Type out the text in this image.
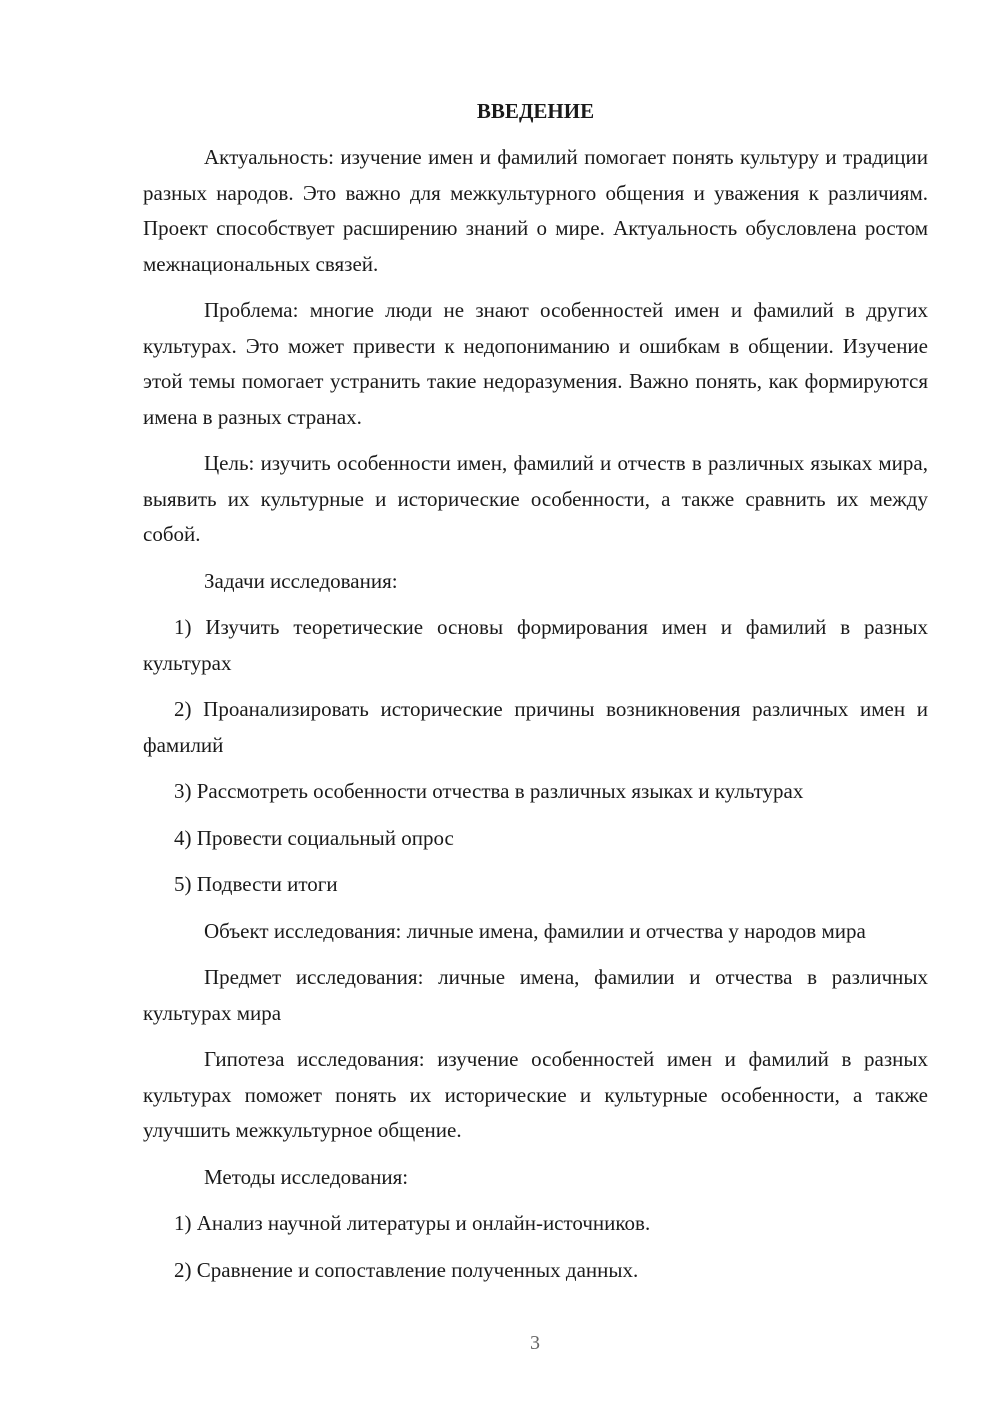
ВВЕДЕНИЕ

Актуальность: изучение имен и фамилий помогает понять культуру и традиции разных народов. Это важно для межкультурного общения и уважения к различиям. Проект способствует расширению знаний о мире. Актуальность обусловлена ростом межнациональных связей.

Проблема: многие люди не знают особенностей имен и фамилий в других культурах. Это может привести к недопониманию и ошибкам в общении. Изучение этой темы помогает устранить такие недоразумения. Важно понять, как формируются имена в разных странах.

Цель: изучить особенности имен, фамилий и отчеств в различных языках мира, выявить их культурные и исторические особенности, а также сравнить их между собой.

Задачи исследования:

1) Изучить теоретические основы формирования имен и фамилий в разных культурах

2) Проанализировать исторические причины возникновения различных имен и фамилий

3) Рассмотреть особенности отчества в различных языках и культурах

4) Провести социальный опрос

5) Подвести итоги

Объект исследования: личные имена, фамилии и отчества у народов мира

Предмет исследования: личные имена, фамилии и отчества в различных культурах мира

Гипотеза исследования: изучение особенностей имен и фамилий в разных культурах поможет понять их исторические и культурные особенности, а также улучшить межкультурное общение.

Методы исследования:

1) Анализ научной литературы и онлайн-источников.

2) Сравнение и сопоставление полученных данных.

3
